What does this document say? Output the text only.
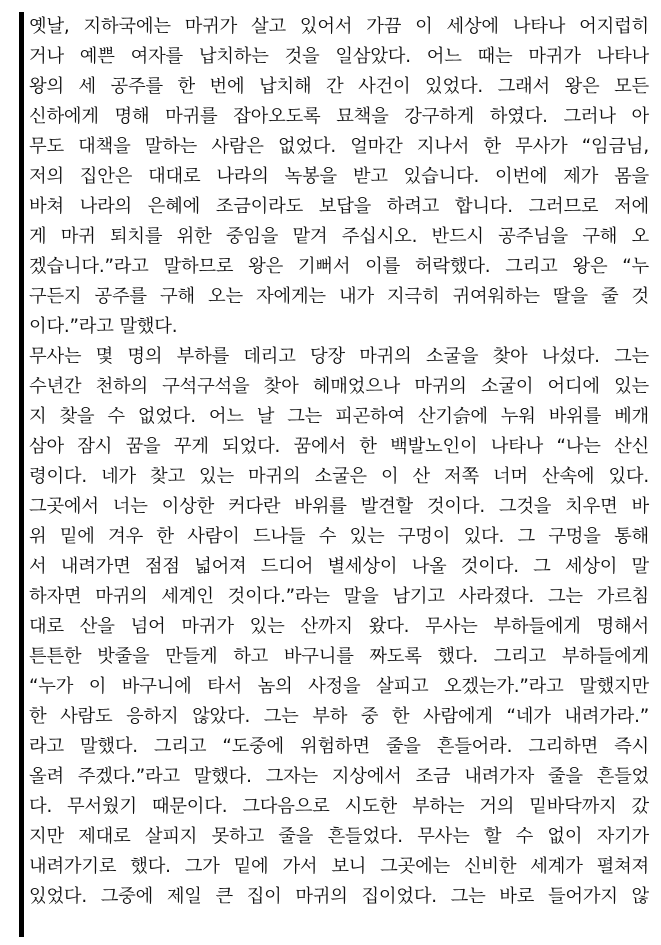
옛날, 지하국에는 마귀가 살고 있어서 가끔 이 세상에 나타나 어지럽히
거나 예쁜 여자를 납치하는 것을 일삼았다. 어느 때는 마귀가 나타나
왕의 세 공주를 한 번에 납치해 간 사건이 있었다. 그래서 왕은 모든
신하에게 명해 마귀를 잡아오도록 묘책을 강구하게 하였다. 그러나 아
무도 대책을 말하는 사람은 없었다. 얼마간 지나서 한 무사가 “임금님,
저의 집안은 대대로 나라의 녹봉을 받고 있습니다. 이번에 제가 몸을
바쳐 나라의 은혜에 조금이라도 보답을 하려고 합니다. 그러므로 저에
게 마귀 퇴치를 위한 중임을 맡겨 주십시오. 반드시 공주님을 구해 오
겠습니다.”라고 말하므로 왕은 기뻐서 이를 허락했다. 그리고 왕은 “누
구든지 공주를 구해 오는 자에게는 내가 지극히 귀여워하는 딸을 줄 것
이다.”라고 말했다.
무사는 몇 명의 부하를 데리고 당장 마귀의 소굴을 찾아 나섰다. 그는
수년간 천하의 구석구석을 찾아 헤매었으나 마귀의 소굴이 어디에 있는
지 찾을 수 없었다. 어느 날 그는 피곤하여 산기슭에 누워 바위를 베개
삼아 잠시 꿈을 꾸게 되었다. 꿈에서 한 백발노인이 나타나 “나는 산신
령이다. 네가 찾고 있는 마귀의 소굴은 이 산 저쪽 너머 산속에 있다.
그곳에서 너는 이상한 커다란 바위를 발견할 것이다. 그것을 치우면 바
위 밑에 겨우 한 사람이 드나들 수 있는 구멍이 있다. 그 구멍을 통해
서 내려가면 점점 넓어져 드디어 별세상이 나올 것이다. 그 세상이 말
하자면 마귀의 세계인 것이다.”라는 말을 남기고 사라졌다. 그는 가르침
대로 산을 넘어 마귀가 있는 산까지 왔다. 무사는 부하들에게 명해서
튼튼한 밧줄을 만들게 하고 바구니를 짜도록 했다. 그리고 부하들에게
“누가 이 바구니에 타서 놈의 사정을 살피고 오겠는가.”라고 말했지만
한 사람도 응하지 않았다. 그는 부하 중 한 사람에게 “네가 내려가라.”
라고 말했다. 그리고 “도중에 위험하면 줄을 흔들어라. 그리하면 즉시
올려 주겠다.”라고 말했다. 그자는 지상에서 조금 내려가자 줄을 흔들었
다. 무서웠기 때문이다. 그다음으로 시도한 부하는 거의 밑바닥까지 갔
지만 제대로 살피지 못하고 줄을 흔들었다. 무사는 할 수 없이 자기가
내려가기로 했다. 그가 밑에 가서 보니 그곳에는 신비한 세계가 펼쳐져
있었다. 그중에 제일 큰 집이 마귀의 집이었다. 그는 바로 들어가지 않
